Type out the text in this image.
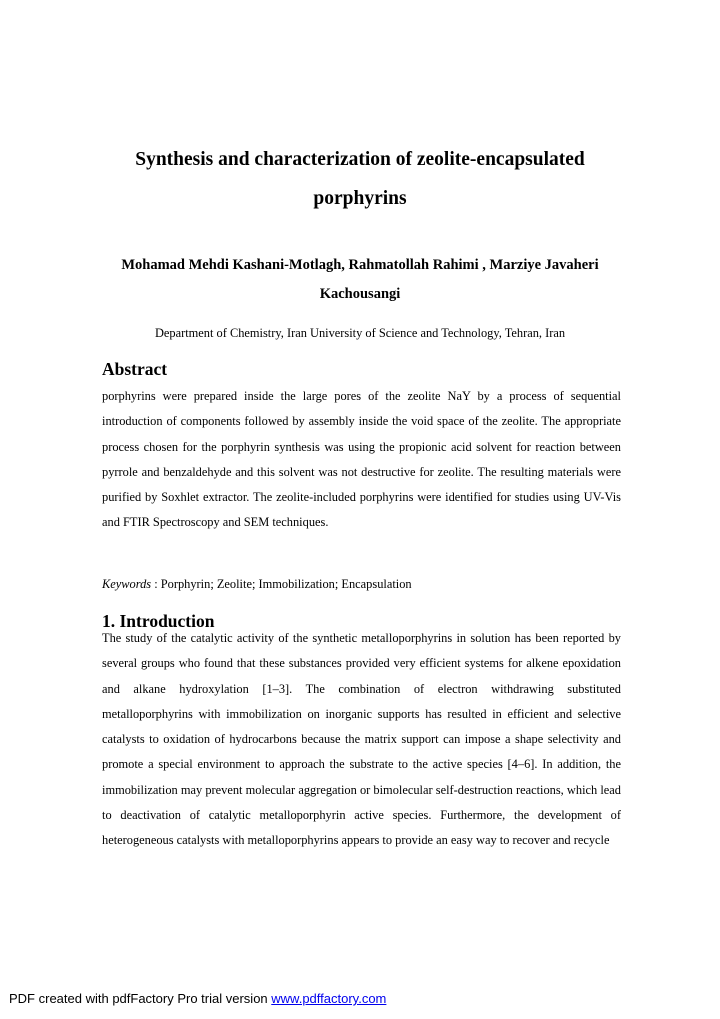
Synthesis and characterization of zeolite-encapsulated porphyrins
Mohamad Mehdi Kashani-Motlagh, Rahmatollah Rahimi , Marziye Javaheri Kachousangi
Department of Chemistry, Iran University of Science and Technology, Tehran, Iran
Abstract
porphyrins were prepared inside the large pores of the zeolite NaY by a process of sequential introduction of components followed by assembly inside the void space of the zeolite. The appropriate process chosen for the porphyrin synthesis was using the propionic acid solvent for reaction between pyrrole and benzaldehyde and this solvent was not destructive for zeolite. The resulting materials were purified by Soxhlet extractor. The zeolite-included porphyrins were identified for studies using UV-Vis and FTIR Spectroscopy and SEM techniques.
Keywords : Porphyrin; Zeolite; Immobilization; Encapsulation
1. Introduction
The study of the catalytic activity of the synthetic metalloporphyrins in solution has been reported by several groups who found that these substances provided very efficient systems for alkene epoxidation and alkane hydroxylation [1–3]. The combination of electron withdrawing substituted metalloporphyrins with immobilization on inorganic supports has resulted in efficient and selective catalysts to oxidation of hydrocarbons because the matrix support can impose a shape selectivity and promote a special environment to approach the substrate to the active species [4–6]. In addition, the immobilization may prevent molecular aggregation or bimolecular self-destruction reactions, which lead to deactivation of catalytic metalloporphyrin active species. Furthermore, the development of heterogeneous catalysts with metalloporphyrins appears to provide an easy way to recover and recycle
PDF created with pdfFactory Pro trial version www.pdffactory.com
